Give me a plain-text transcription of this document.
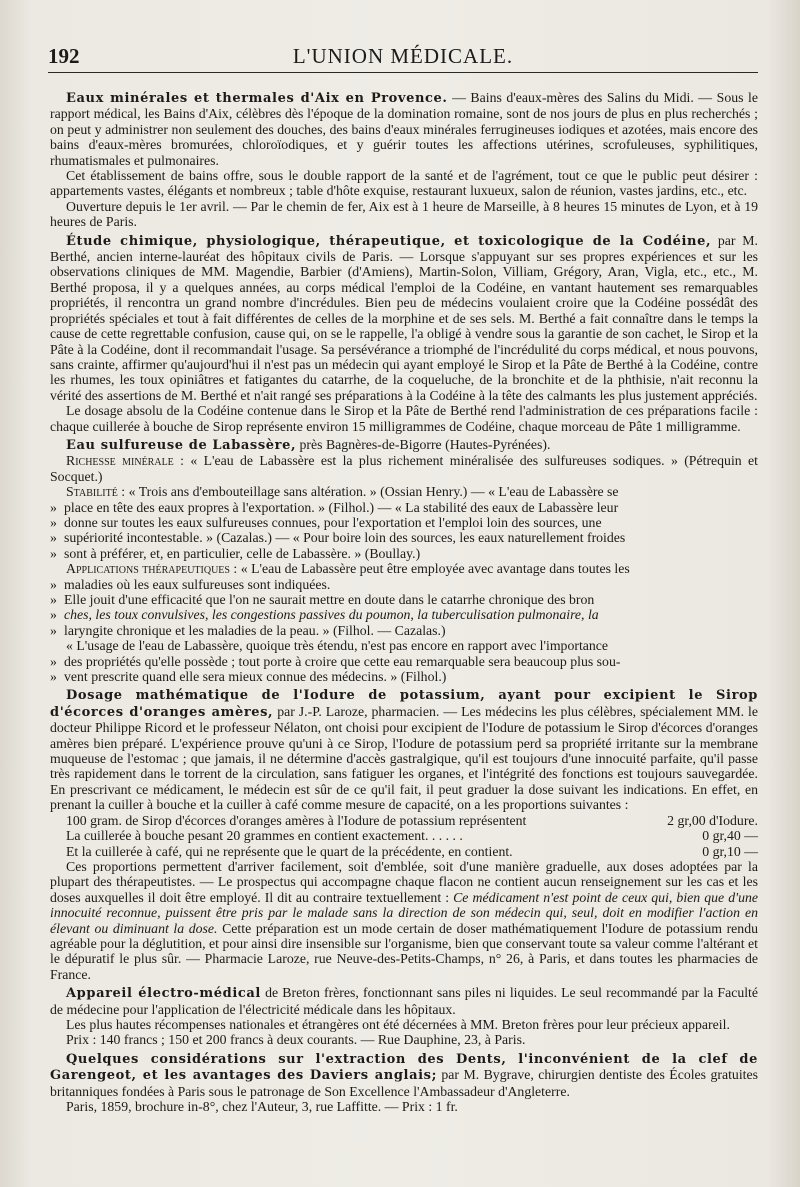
192	L'UNION MÉDICALE.

Eaux minérales et thermales d'Aix en Provence. — Bains d'eaux-mères des Salins du Midi. — Sous le rapport médical, les Bains d'Aix, célèbres dès l'époque de la domination romaine, sont de nos jours de plus en plus recherchés ; on peut y administrer non seulement des douches, des bains d'eaux minérales ferrugineuses iodiques et azotées, mais encore des bains d'eaux-mères bromurées, chloroïodiques, et y guérir toutes les affections utérines, scrofuleuses, syphilitiques, rhumatismales et pulmonaires.

Cet établissement de bains offre, sous le double rapport de la santé et de l'agrément, tout ce que le public peut désirer : appartements vastes, élégants et nombreux ; table d'hôte exquise, restaurant luxueux, salon de réunion, vastes jardins, etc., etc.

Ouverture depuis le 1er avril. — Par le chemin de fer, Aix est à 1 heure de Marseille, à 8 heures 15 minutes de Lyon, et à 19 heures de Paris.

Étude chimique, physiologique, thérapeutique, et toxicologique de la Codéine, par M. Berthé, ancien interne-lauréat des hôpitaux civils de Paris. — Lorsque s'appuyant sur ses propres expériences et sur les observations cliniques de MM. Magendie, Barbier (d'Amiens), Martin-Solon, Villiam, Grégory, Aran, Vigla, etc., etc., M. Berthé proposa, il y a quelques années, au corps médical l'emploi de la Codéine, en vantant hautement ses remarquables propriétés, il rencontra un grand nombre d'incrédules. Bien peu de médecins voulaient croire que la Codéine possédât des propriétés spéciales et tout à fait différentes de celles de la morphine et de ses sels. M. Berthé a fait connaître dans le temps la cause de cette regrettable confusion, cause qui, on se le rappelle, l'a obligé à vendre sous la garantie de son cachet, le Sirop et la Pâte à la Codéine, dont il recommandait l'usage. Sa persévérance a triomphé de l'incrédulité du corps médical, et nous pouvons, sans crainte, affirmer qu'aujourd'hui il n'est pas un médecin qui ayant employé le Sirop et la Pâte de Berthé à la Codéine, contre les rhumes, les toux opiniâtres et fatigantes du catarrhe, de la coqueluche, de la bronchite et de la phthisie, n'ait reconnu la vérité des assertions de M. Berthé et n'ait rangé ses préparations à la Codéine à la tête des calmants les plus justement appréciés.

Le dosage absolu de la Codéine contenue dans le Sirop et la Pâte de Berthé rend l'administration de ces préparations facile : chaque cuillerée à bouche de Sirop représente environ 15 milligrammes de Codéine, chaque morceau de Pâte 1 milligramme.

Eau sulfureuse de Labassère, près Bagnères-de-Bigorre (Hautes-Pyrénées).

Richesse minérale : « L'eau de Labassère est la plus richement minéralisée des sulfureuses sodiques. » (Pétrequin et Socquet.)

Stabilité : « Trois ans d'embouteillage sans altération. » (Ossian Henry.) — « L'eau de Labassère se

» place en tête des eaux propres à l'exportation. » (Filhol.) — « La stabilité des eaux de Labassère leur

» donne sur toutes les eaux sulfureuses connues, pour l'exportation et l'emploi loin des sources, une

» supériorité incontestable. » (Cazalas.) — « Pour boire loin des sources, les eaux naturellement froides

» sont à préférer, et, en particulier, celle de Labassère. » (Boullay.)

Applications thérapeutiques : « L'eau de Labassère peut être employée avec avantage dans toutes les

» maladies où les eaux sulfureuses sont indiquées.

» Elle jouit d'une efficacité que l'on ne saurait mettre en doute dans le catarrhe chronique des bron

» ches, les toux convulsives, les congestions passives du poumon, la tuberculisation pulmonaire, la

» laryngite chronique et les maladies de la peau. » (Filhol. — Cazalas.)

« L'usage de l'eau de Labassère, quoique très étendu, n'est pas encore en rapport avec l'importance

» des propriétés qu'elle possède ; tout porte à croire que cette eau remarquable sera beaucoup plus sou-

» vent prescrite quand elle sera mieux connue des médecins. » (Filhol.)

Dosage mathématique de l'Iodure de potassium, ayant pour excipient le Sirop d'écorces d'oranges amères, par J.-P. Laroze, pharmacien. — Les médecins les plus célèbres, spécialement MM. le docteur Philippe Ricord et le professeur Nélaton, ont choisi pour excipient de l'Iodure de potassium le Sirop d'écorces d'oranges amères bien préparé. L'expérience prouve qu'uni à ce Sirop, l'Iodure de potassium perd sa propriété irritante sur la membrane muqueuse de l'estomac ; que jamais, il ne détermine d'accès gastralgique, qu'il est toujours d'une innocuité parfaite, qu'il passe très rapidement dans le torrent de la circulation, sans fatiguer les organes, et l'intégrité des fonctions est toujours sauvegardée. En prescrivant ce médicament, le médecin est sûr de ce qu'il fait, il peut graduer la dose suivant les indications. En effet, en prenant la cuiller à bouche et la cuiller à café comme mesure de capacité, on a les proportions suivantes :

100 gram. de Sirop d'écorces d'oranges amères à l'Iodure de potassium représentent	2 gr,00 d'Iodure.
La cuillerée à bouche pesant 20 grammes en contient exactement. . . . . .	0 gr,40 —
Et la cuillerée à café, qui ne représente que le quart de la précédente, en contient.	0 gr,10 —

Ces proportions permettent d'arriver facilement, soit d'emblée, soit d'une manière graduelle, aux doses adoptées par la plupart des thérapeutistes. — Le prospectus qui accompagne chaque flacon ne contient aucun renseignement sur les cas et les doses auxquelles il doit être employé. Il dit au contraire textuellement : Ce médicament n'est point de ceux qui, bien que d'une innocuité reconnue, puissent être pris par le malade sans la direction de son médecin qui, seul, doit en modifier l'action en élevant ou diminuant la dose. Cette préparation est un mode certain de doser mathématiquement l'Iodure de potassium rendu agréable pour la déglutition, et pour ainsi dire insensible sur l'organisme, bien que conservant toute sa valeur comme l'altérant et le dépuratif le plus sûr. — Pharmacie Laroze, rue Neuve-des-Petits-Champs, n° 26, à Paris, et dans toutes les pharmacies de France.

Appareil électro-médical de Breton frères, fonctionnant sans piles ni liquides. Le seul recommandé par la Faculté de médecine pour l'application de l'électricité médicale dans les hôpitaux.

Les plus hautes récompenses nationales et étrangères ont été décernées à MM. Breton frères pour leur précieux appareil.

Prix : 140 francs ; 150 et 200 francs à deux courants. — Rue Dauphine, 23, à Paris.

Quelques considérations sur l'extraction des Dents, l'inconvénient de la clef de Garengeot, et les avantages des Daviers anglais; par M. Bygrave, chirurgien dentiste des Écoles gratuites britanniques fondées à Paris sous le patronage de Son Excellence l'Ambassadeur d'Angleterre.

Paris, 1859, brochure in-8°, chez l'Auteur, 3, rue Laffitte. — Prix : 1 fr.
